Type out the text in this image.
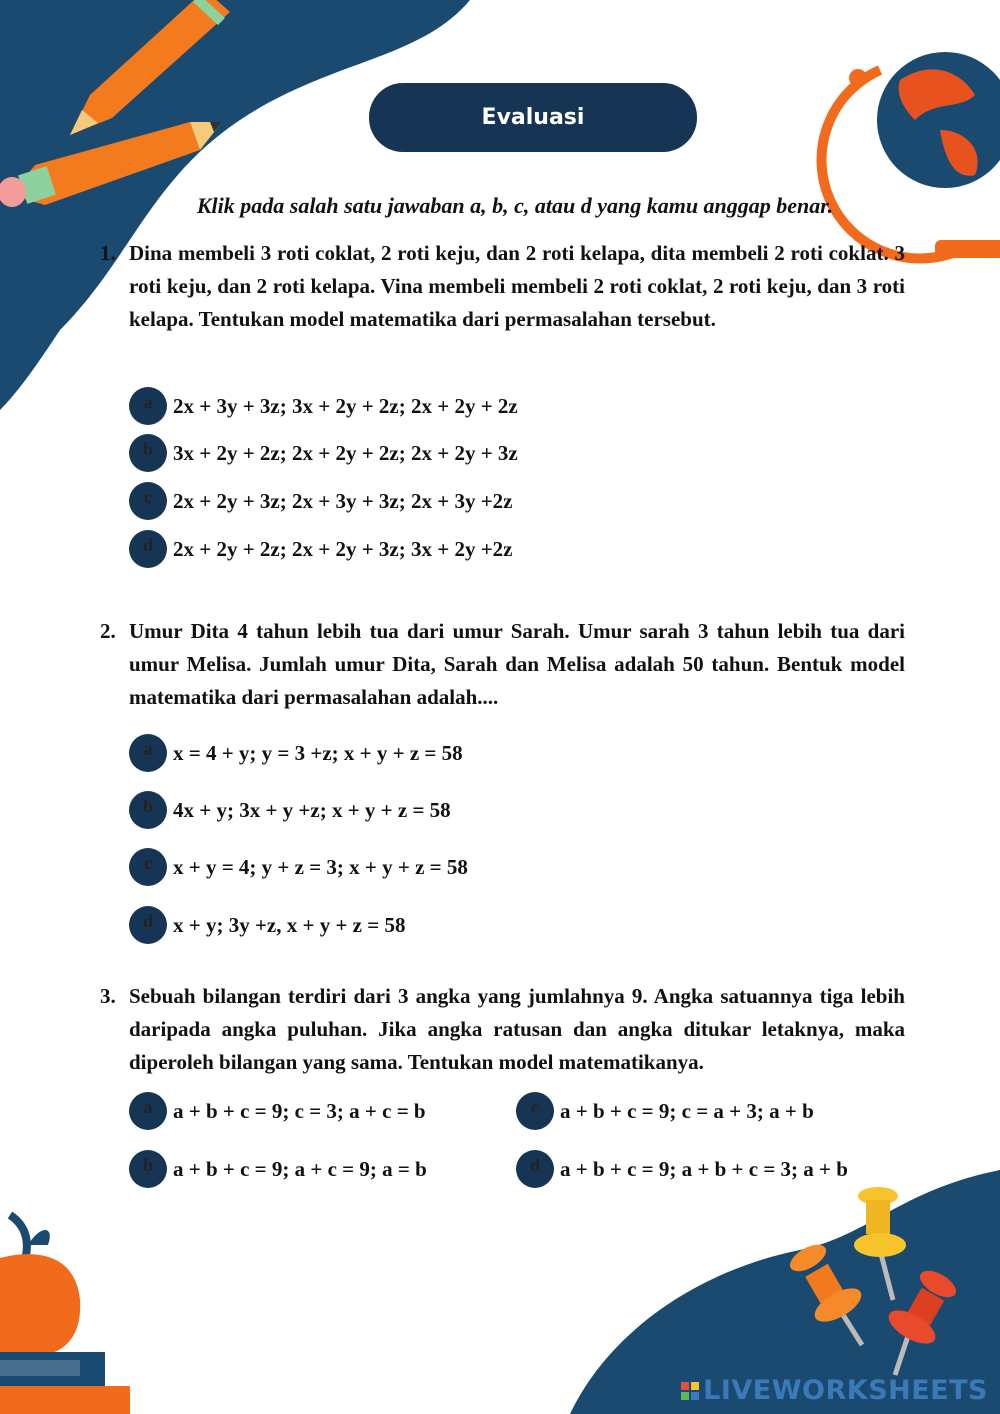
Evaluasi
Klik pada salah satu jawaban a, b, c, atau d yang kamu anggap benar.
1. Dina membeli 3 roti coklat, 2 roti keju, dan 2 roti kelapa, dita membeli 2 roti coklat. 3 roti keju, dan 2 roti kelapa. Vina membeli membeli 2 roti coklat, 2 roti keju, dan 3 roti kelapa. Tentukan model matematika dari permasalahan tersebut.
a 2x + 3y + 3z; 3x + 2y + 2z; 2x + 2y + 2z
b 3x + 2y + 2z; 2x + 2y + 2z; 2x + 2y + 3z
c	2x + 2y + 3z; 2x + 3y + 3z; 2x + 3y +2z
d 2x + 2y + 2z; 2x + 2y + 3z; 3x + 2y +2z
2. Umur Dita 4 tahun lebih tua dari umur Sarah. Umur sarah 3 tahun lebih tua dari umur Melisa. Jumlah umur Dita, Sarah dan Melisa adalah 50 tahun. Bentuk model matematika dari permasalahan adalah....
a x = 4 + y; y = 3 +z; x + y + z = 58
b 4x + y; 3x + y +z; x + y + z = 58
c	x + y = 4; y + z = 3; x + y + z = 58
d x + y; 3y +z, x + y + z = 58
3. Sebuah bilangan terdiri dari 3 angka yang jumlahnya 9. Angka satuannya tiga lebih daripada angka puluhan. Jika angka ratusan dan angka ditukar letaknya, maka diperoleh bilangan yang sama. Tentukan model matematikanya.
a a + b + c = 9; c = 3; a + c = b
b a + b + c = 9; a + c = 9; a = b
c	a + b + c = 9; c = a + 3; a + b
d a + b + c = 9; a + b + c = 3; a + b
LIVEWORKSHEETS
